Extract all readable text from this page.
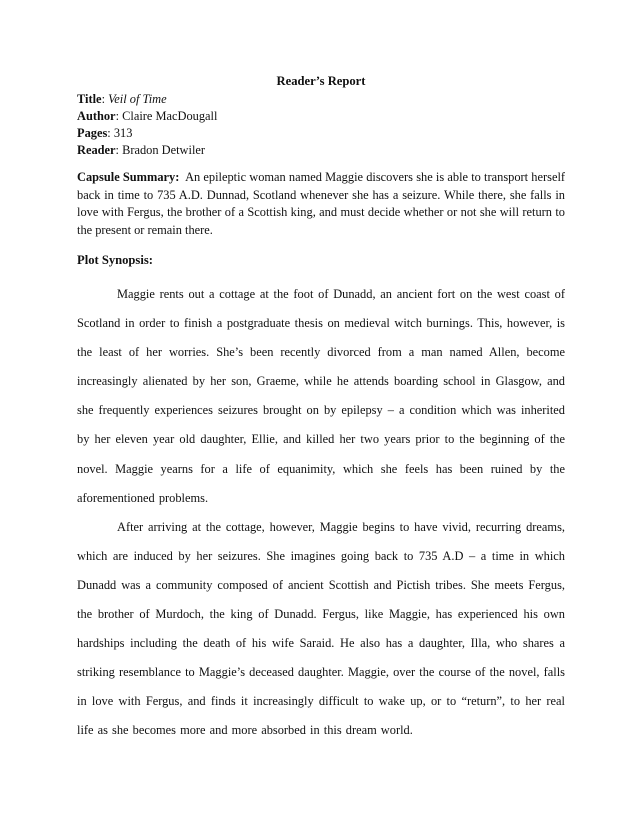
Reader’s Report
Title: Veil of Time
Author: Claire MacDougall
Pages: 313
Reader: Bradon Detwiler
Capsule Summary: An epileptic woman named Maggie discovers she is able to transport herself back in time to 735 A.D. Dunnad, Scotland whenever she has a seizure. While there, she falls in love with Fergus, the brother of a Scottish king, and must decide whether or not she will return to the present or remain there.
Plot Synopsis:

Maggie rents out a cottage at the foot of Dunadd, an ancient fort on the west coast of Scotland in order to finish a postgraduate thesis on medieval witch burnings. This, however, is the least of her worries. She’s been recently divorced from a man named Allen, become increasingly alienated by her son, Graeme, while he attends boarding school in Glasgow, and she frequently experiences seizures brought on by epilepsy – a condition which was inherited by her eleven year old daughter, Ellie, and killed her two years prior to the beginning of the novel. Maggie yearns for a life of equanimity, which she feels has been ruined by the aforementioned problems.

After arriving at the cottage, however, Maggie begins to have vivid, recurring dreams, which are induced by her seizures. She imagines going back to 735 A.D – a time in which Dunadd was a community composed of ancient Scottish and Pictish tribes. She meets Fergus, the brother of Murdoch, the king of Dunadd. Fergus, like Maggie, has experienced his own hardships including the death of his wife Saraid. He also has a daughter, Illa, who shares a striking resemblance to Maggie’s deceased daughter. Maggie, over the course of the novel, falls in love with Fergus, and finds it increasingly difficult to wake up, or to “return”, to her real life as she becomes more and more absorbed in this dream world.
